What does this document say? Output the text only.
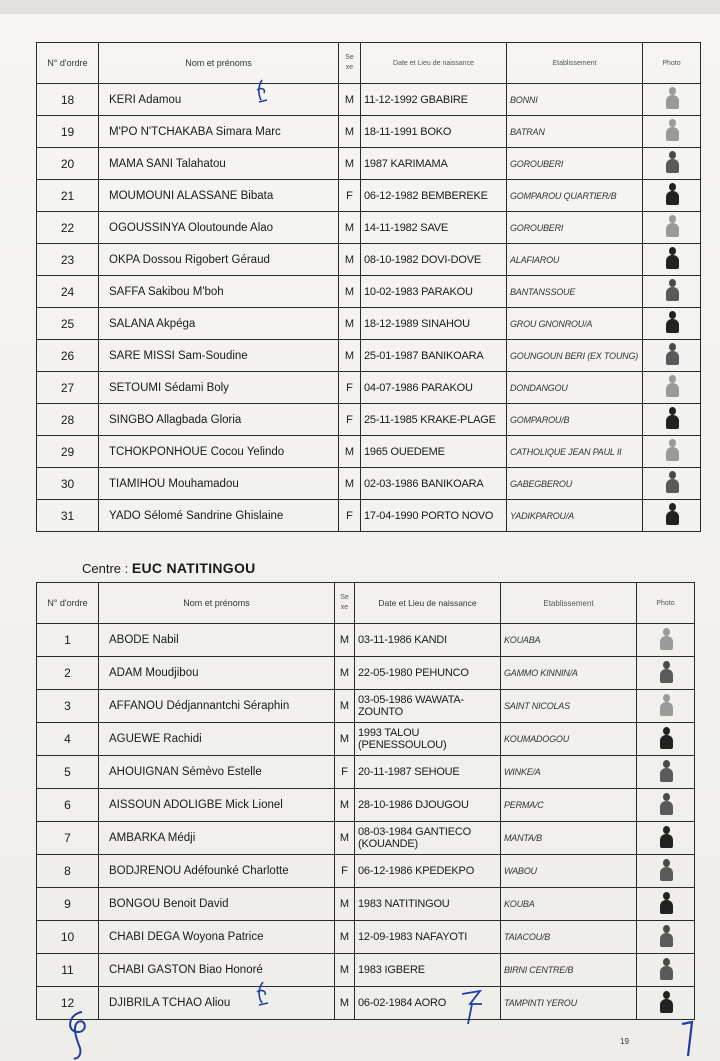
N° d'ordre	Nom et prénoms	Se xe	Date et Lieu de naissance	Etablissement	Photo
18	KERI Adamou	M	11-12-1992 GBABIRE	BONNI	
19	M'PO N'TCHAKABA Simara Marc	M	18-11-1991 BOKO	BATRAN	
20	MAMA SANI Talahatou	M	1987 KARIMAMA	GOROUBERI	
21	MOUMOUNI ALASSANE Bibata	F	06-12-1982 BEMBEREKE	GOMPAROU QUARTIER/B	
22	OGOUSSINYA Oloutounde Alao	M	14-11-1982 SAVE	GOROUBERI	
23	OKPA Dossou Rigobert Géraud	M	08-10-1982 DOVI-DOVE	ALAFIAROU	
24	SAFFA Sakibou M'boh	M	10-02-1983 PARAKOU	BANTANSSOUE	
25	SALANA Akpéga	M	18-12-1989 SINAHOU	GROU GNONROU/A	
26	SARE MISSI Sam-Soudine	M	25-01-1987 BANIKOARA	GOUNGOUN BERI (EX TOUNG)	
27	SETOUMI Sédami Boly	F	04-07-1986 PARAKOU	DONDANGOU	
28	SINGBO Allagbada Gloria	F	25-11-1985 KRAKE-PLAGE	GOMPAROU/B	
29	TCHOKPONHOUE Cocou Yelindo	M	1965 OUEDEME	CATHOLIQUE JEAN PAUL II	
30	TIAMIHOU Mouhamadou	M	02-03-1986 BANIKOARA	GABEGBEROU	
31	YADO Sélomé Sandrine Ghislaine	F	17-04-1990 PORTO NOVO	YADIKPAROU/A	
Centre : EUC NATITINGOU
N° d'ordre	Nom et prénoms	Se xe	Date et Lieu de naissance	Etablissement	Photo
1	ABODE Nabil	M	03-11-1986 KANDI	KOUABA	
2	ADAM Moudjibou	M	22-05-1980 PEHUNCO	GAMMO KINNIN/A	
3	AFFANOU Dédjannantchi Séraphin	M	03-05-1986 WAWATA-ZOUNTO	SAINT NICOLAS	
4	AGUEWE Rachidi	M	1993 TALOU (PENESSOULOU)	KOUMADOGOU	
5	AHOUIGNAN Sémèvo Estelle	F	20-11-1987 SEHOUE	WINKE/A	
6	AISSOUN ADOLIGBE Mick Lionel	M	28-10-1986 DJOUGOU	PERMA/C	
7	AMBARKA Médji	M	08-03-1984 GANTIECO (KOUANDE)	MANTA/B	
8	BODJRENOU Adéfounké Charlotte	F	06-12-1986 KPEDEKPO	WABOU	
9	BONGOU Benoit David	M	1983 NATITINGOU	KOUBA	
10	CHABI DEGA Woyona Patrice	M	12-09-1983 NAFAYOTI	TAIACOU/B	
11	CHABI GASTON Biao Honoré	M	1983 IGBERE	BIRNI CENTRE/B	
12	DJIBRILA TCHAO Aliou	M	06-02-1984 AORO	TAMPINTI YEROU	
19
